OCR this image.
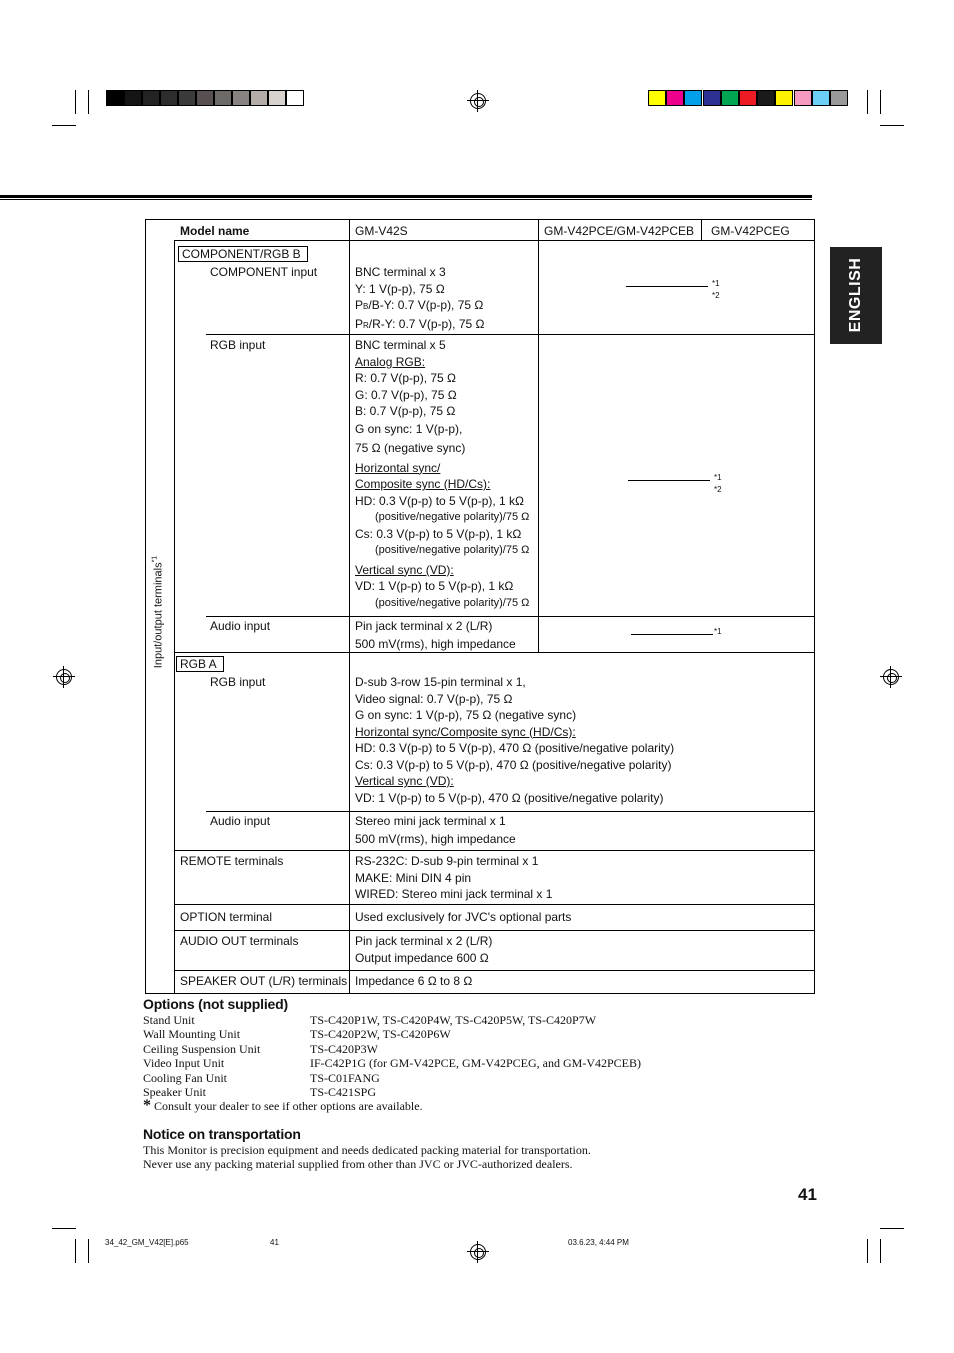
ENGLISH
Model name	GM-V42S	GM-V42PCE/GM-V42PCEB GM-V42PCEG
Input/output terminals$^{*1}$
COMPONENT/RGB B
COMPONENT input	BNC terminal x 3
Y: 1 V(p-p), 75 Ω
PB/B-Y: 0.7 V(p-p), 75 Ω
PR/R-Y: 0.7 V(p-p), 75 Ω
*1
*2
RGB input	BNC terminal x 5
Analog RGB:
R: 0.7 V(p-p), 75 Ω
G: 0.7 V(p-p), 75 Ω
B: 0.7 V(p-p), 75 Ω
G on sync: 1 V(p-p),
75 Ω (negative sync)
Horizontal sync/
Composite sync (HD/Cs):
HD: 0.3 V(p-p) to 5 V(p-p), 1 kΩ
(positive/negative polarity)/75 Ω
Cs: 0.3 V(p-p) to 5 V(p-p), 1 kΩ
(positive/negative polarity)/75 Ω
Vertical sync (VD):
VD: 1 V(p-p) to 5 V(p-p), 1 kΩ
(positive/negative polarity)/75 Ω
*1
*2
Audio input	Pin jack terminal x 2 (L/R)
500 mV(rms), high impedance
*1
RGB A
RGB input	D-sub 3-row 15-pin terminal x 1,
Video signal: 0.7 V(p-p), 75 Ω
G on sync: 1 V(p-p), 75 Ω (negative sync)
Horizontal sync/Composite sync (HD/Cs):
HD: 0.3 V(p-p) to 5 V(p-p), 470 Ω (positive/negative polarity)
Cs: 0.3 V(p-p) to 5 V(p-p), 470 Ω (positive/negative polarity)
Vertical sync (VD):
VD: 1 V(p-p) to 5 V(p-p), 470 Ω (positive/negative polarity)
Audio input	Stereo mini jack terminal x 1
500 mV(rms), high impedance
REMOTE terminals	RS-232C: D-sub 9-pin terminal x 1
MAKE: Mini DIN 4 pin
WIRED: Stereo mini jack terminal x 1
OPTION terminal	Used exclusively for JVC's optional parts
AUDIO OUT terminals	Pin jack terminal x 2 (L/R)
Output impedance 600 Ω
SPEAKER OUT (L/R) terminals Impedance 6 Ω to 8 Ω
Options (not supplied)
Stand Unit	TS-C420P1W, TS-C420P4W, TS-C420P5W, TS-C420P7W
Wall Mounting Unit	TS-C420P2W, TS-C420P6W
Ceiling Suspension Unit	TS-C420P3W
Video Input Unit	IF-C42P1G (for GM-V42PCE, GM-V42PCEG, and GM-V42PCEB)
Cooling Fan Unit	TS-C01FANG
Speaker Unit	TS-C421SPG
* Consult your dealer to see if other options are available.
Notice on transportation
This Monitor is precision equipment and needs dedicated packing material for transportation.
Never use any packing material supplied from other than JVC or JVC-authorized dealers.
41
34_42_GM_V42[E].p65	41	03.6.23, 4:44 PM
